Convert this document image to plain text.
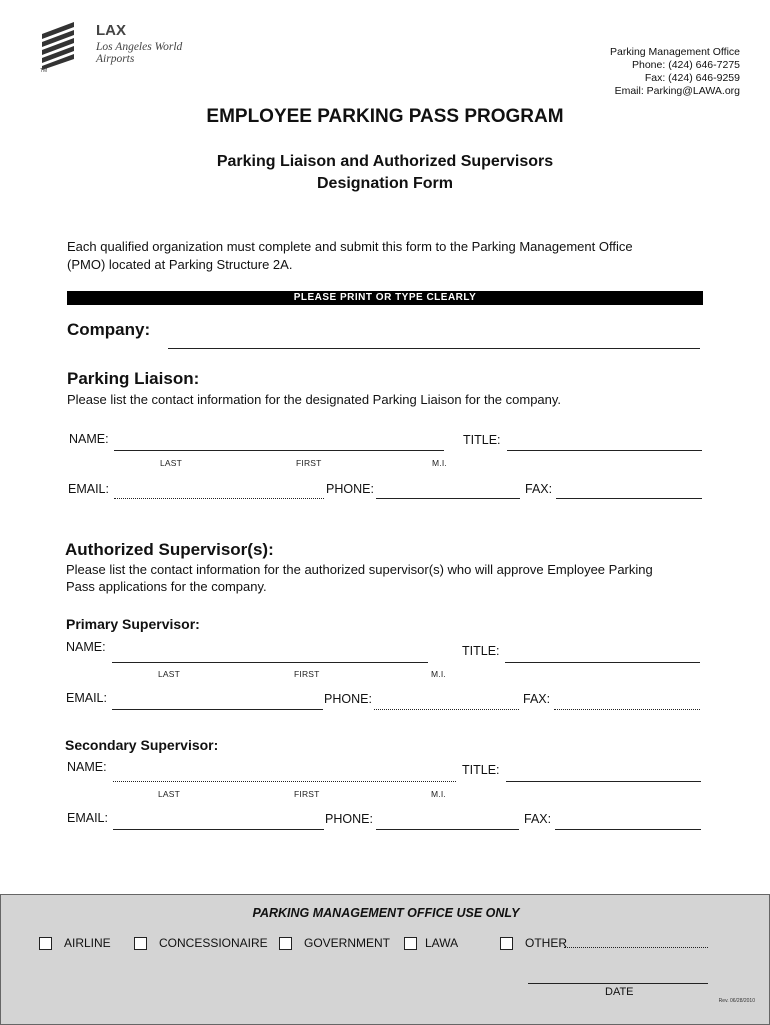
LAX
Los Angeles World Airports
TM
Parking Management Office
Phone: (424) 646-7275
Fax: (424) 646-9259
Email: Parking@LAWA.org
EMPLOYEE PARKING PASS PROGRAM
Parking Liaison and Authorized Supervisors
Designation Form
Each qualified organization must complete and submit this form to the Parking Management Office
(PMO) located at Parking Structure 2A.
PLEASE PRINT OR TYPE CLEARLY
Company:
Parking Liaison:
Please list the contact information for the designated Parking Liaison for the company.
NAME:	TITLE:
LAST	FIRST	M.I.
EMAIL:	PHONE:	FAX:
Authorized Supervisor(s):
Please list the contact information for the authorized supervisor(s) who will approve Employee Parking
Pass applications for the company.
Primary Supervisor:
NAME:	TITLE:
LAST	FIRST	M.I.
EMAIL:	PHONE:	FAX:
Secondary Supervisor:
NAME:	TITLE:
LAST	FIRST	M.I.
EMAIL:	PHONE:	FAX:
PARKING MANAGEMENT OFFICE USE ONLY
AIRLINE	CONCESSIONAIRE	GOVERNMENT	LAWA	OTHER
DATE
Rev. 06/28/2010
